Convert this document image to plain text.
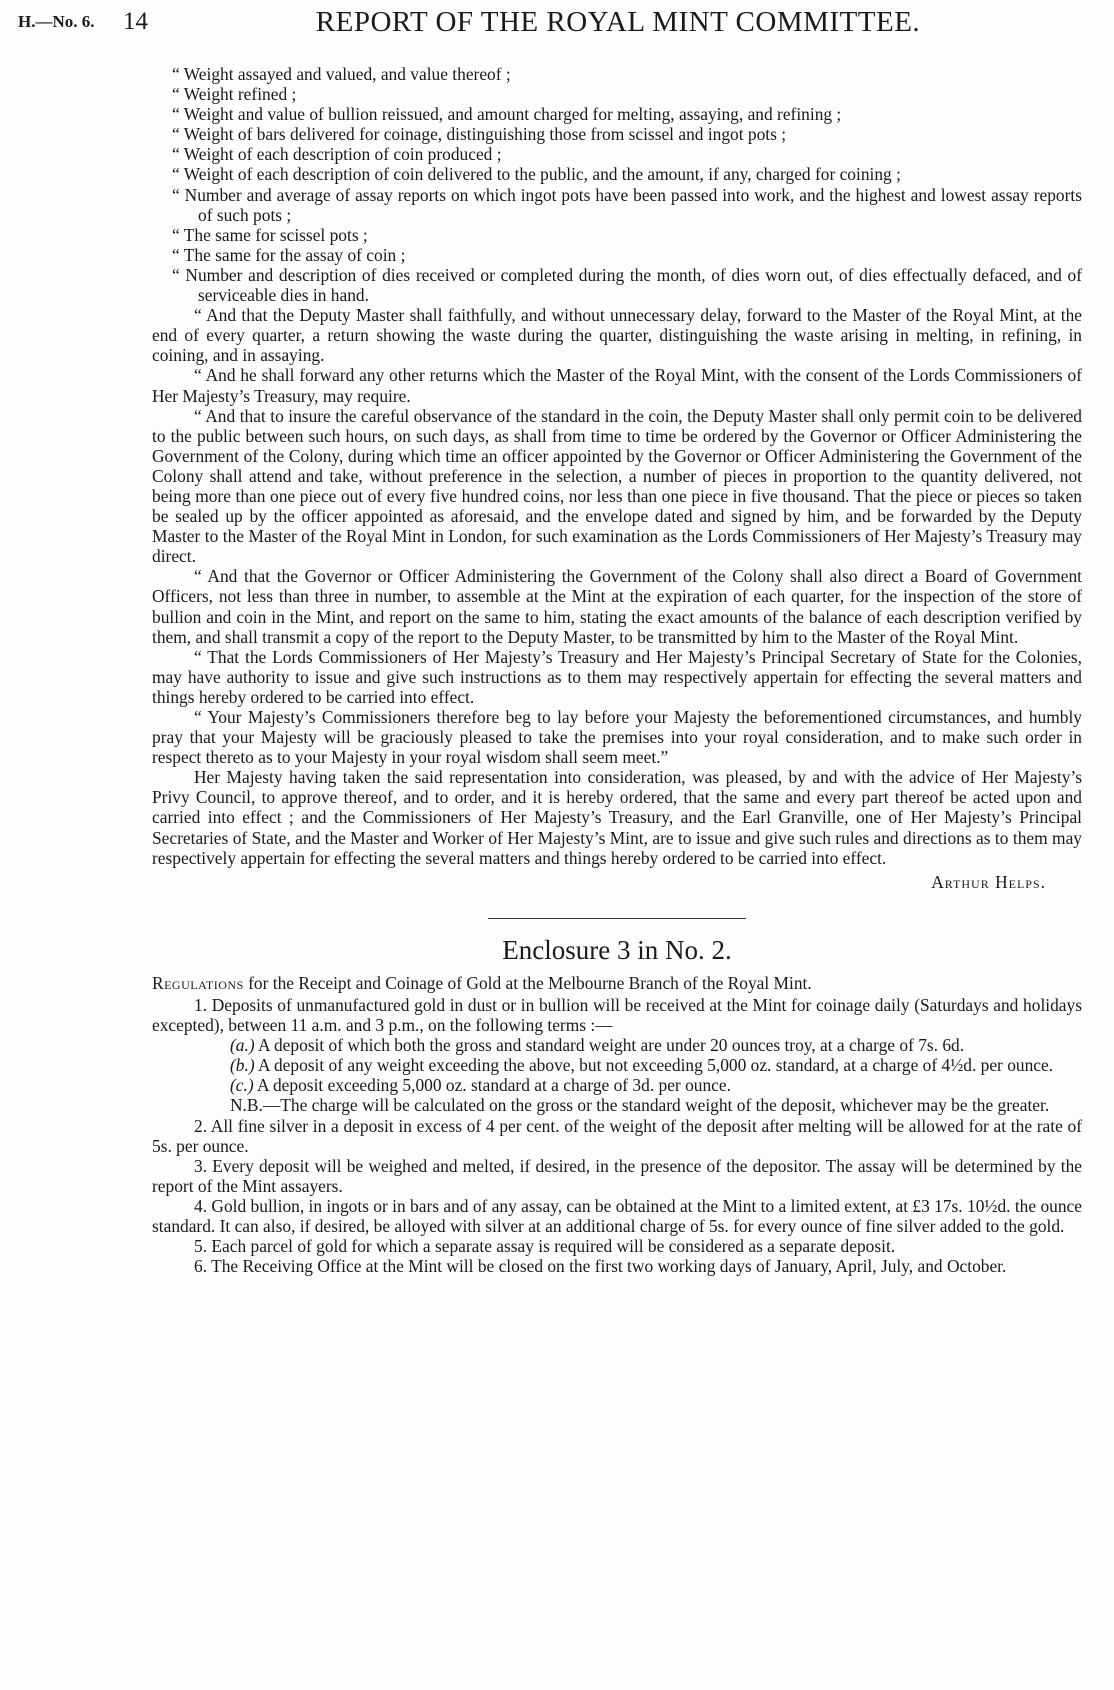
H.—No. 6. 14	REPORT OF THE ROYAL MINT COMMITTEE.

“ Weight assayed and valued, and value thereof ;

“ Weight refined ;

“ Weight and value of bullion reissued, and amount charged for melting, assaying, and refining ;

“ Weight of bars delivered for coinage, distinguishing those from scissel and ingot pots ;

“ Weight of each description of coin produced ;

“ Weight of each description of coin delivered to the public, and the amount, if any, charged for coining ;

“ Number and average of assay reports on which ingot pots have been passed into work, and the highest and lowest assay reports of such pots ;

“ The same for scissel pots ;

“ The same for the assay of coin ;

“ Number and description of dies received or completed during the month, of dies worn out, of dies effectually defaced, and of serviceable dies in hand.

“ And that the Deputy Master shall faithfully, and without unnecessary delay, forward to the Master of the Royal Mint, at the end of every quarter, a return showing the waste during the quarter, distinguishing the waste arising in melting, in refining, in coining, and in assaying.

“ And he shall forward any other returns which the Master of the Royal Mint, with the consent of the Lords Commissioners of Her Majesty’s Treasury, may require.

“ And that to insure the careful observance of the standard in the coin, the Deputy Master shall only permit coin to be delivered to the public between such hours, on such days, as shall from time to time be ordered by the Governor or Officer Administering the Government of the Colony, during which time an officer appointed by the Governor or Officer Administering the Government of the Colony shall attend and take, without preference in the selection, a number of pieces in proportion to the quantity delivered, not being more than one piece out of every five hundred coins, nor less than one piece in five thousand. That the piece or pieces so taken be sealed up by the officer appointed as aforesaid, and the envelope dated and signed by him, and be forwarded by the Deputy Master to the Master of the Royal Mint in London, for such examination as the Lords Commissioners of Her Majesty’s Treasury may direct.

“ And that the Governor or Officer Administering the Government of the Colony shall also direct a Board of Government Officers, not less than three in number, to assemble at the Mint at the expiration of each quarter, for the inspection of the store of bullion and coin in the Mint, and report on the same to him, stating the exact amounts of the balance of each description verified by them, and shall transmit a copy of the report to the Deputy Master, to be transmitted by him to the Master of the Royal Mint.

“ That the Lords Commissioners of Her Majesty’s Treasury and Her Majesty’s Principal Secretary of State for the Colonies, may have authority to issue and give such instructions as to them may respectively appertain for effecting the several matters and things hereby ordered to be carried into effect.

“ Your Majesty’s Commissioners therefore beg to lay before your Majesty the beforementioned circumstances, and humbly pray that your Majesty will be graciously pleased to take the premises into your royal consideration, and to make such order in respect thereto as to your Majesty in your royal wisdom shall seem meet.”

Her Majesty having taken the said representation into consideration, was pleased, by and with the advice of Her Majesty’s Privy Council, to approve thereof, and to order, and it is hereby ordered, that the same and every part thereof be acted upon and carried into effect ; and the Commissioners of Her Majesty’s Treasury, and the Earl Granville, one of Her Majesty’s Principal Secretaries of State, and the Master and Worker of Her Majesty’s Mint, are to issue and give such rules and directions as to them may respectively appertain for effecting the several matters and things hereby ordered to be carried into effect.

Arthur Helps.

Enclosure 3 in No. 2.

Regulations for the Receipt and Coinage of Gold at the Melbourne Branch of the Royal Mint.

1. Deposits of unmanufactured gold in dust or in bullion will be received at the Mint for coinage daily (Saturdays and holidays excepted), between 11 a.m. and 3 p.m., on the following terms :—

(a.) A deposit of which both the gross and standard weight are under 20 ounces troy, at a charge of 7s. 6d.

(b.) A deposit of any weight exceeding the above, but not exceeding 5,000 oz. standard, at a charge of 4½d. per ounce.

(c.) A deposit exceeding 5,000 oz. standard at a charge of 3d. per ounce.

N.B.—The charge will be calculated on the gross or the standard weight of the deposit, whichever may be the greater.

2. All fine silver in a deposit in excess of 4 per cent. of the weight of the deposit after melting will be allowed for at the rate of 5s. per ounce.

3. Every deposit will be weighed and melted, if desired, in the presence of the depositor. The assay will be determined by the report of the Mint assayers.

4. Gold bullion, in ingots or in bars and of any assay, can be obtained at the Mint to a limited extent, at £3 17s. 10½d. the ounce standard. It can also, if desired, be alloyed with silver at an additional charge of 5s. for every ounce of fine silver added to the gold.

5. Each parcel of gold for which a separate assay is required will be considered as a separate deposit.

6. The Receiving Office at the Mint will be closed on the first two working days of January, April, July, and October.
